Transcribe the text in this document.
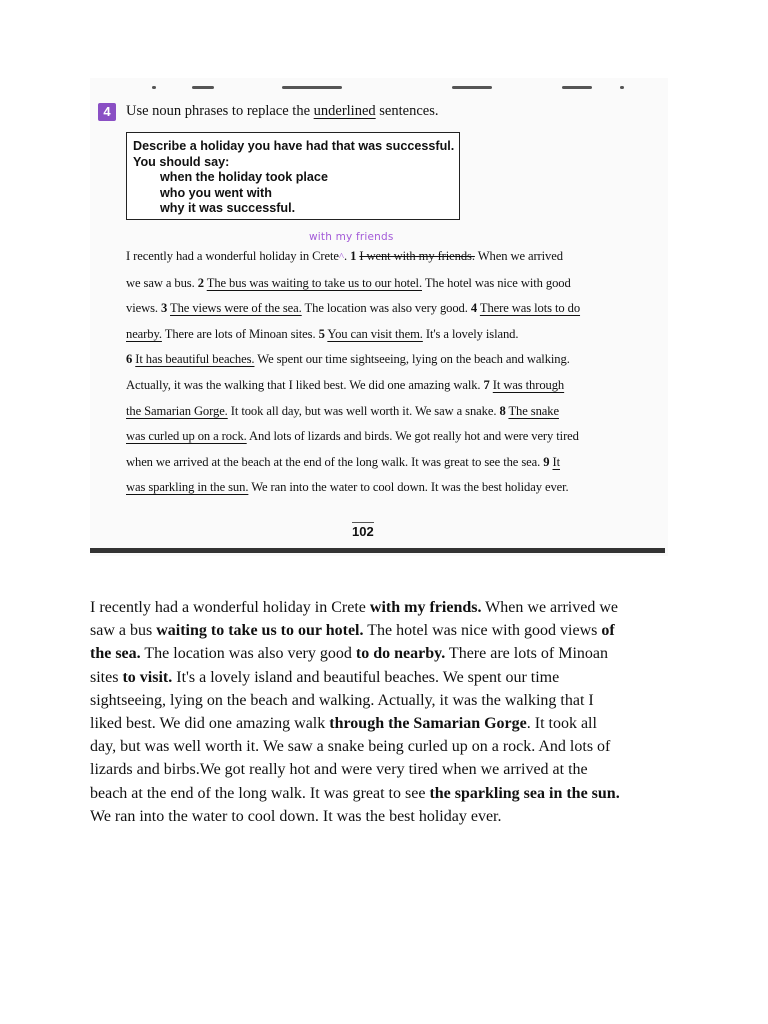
4	Use noun phrases to replace the underlined sentences.
Describe a holiday you have had that was successful.
You should say:
when the holiday took place
who you went with
why it was successful.
with my friends
I recently had a wonderful holiday in Crete^. 1 I went with my friends. When we arrived
we saw a bus. 2 The bus was waiting to take us to our hotel. The hotel was nice with good
views. 3 The views were of the sea. The location was also very good. 4 There was lots to do
nearby. There are lots of Minoan sites. 5 You can visit them. It's a lovely island.
6 It has beautiful beaches. We spent our time sightseeing, lying on the beach and walking.
Actually, it was the walking that I liked best. We did one amazing walk. 7 It was through
the Samarian Gorge. It took all day, but was well worth it. We saw a snake. 8 The snake
was curled up on a rock. And lots of lizards and birds. We got really hot and were very tired
when we arrived at the beach at the end of the long walk. It was great to see the sea. 9 It
was sparkling in the sun. We ran into the water to cool down. It was the best holiday ever.
102
I recently had a wonderful holiday in Crete with my friends. When we arrived we
saw a bus waiting to take us to our hotel. The hotel was nice with good views of
the sea. The location was also very good to do nearby. There are lots of Minoan
sites to visit. It's a lovely island and beautiful beaches. We spent our time
sightseeing, lying on the beach and walking. Actually, it was the walking that I
liked best. We did one amazing walk through the Samarian Gorge. It took all
day, but was well worth it. We saw a snake being curled up on a rock. And lots of
lizards and birbs.We got really hot and were very tired when we arrived at the
beach at the end of the long walk. It was great to see the sparkling sea in the sun.
We ran into the water to cool down. It was the best holiday ever.
